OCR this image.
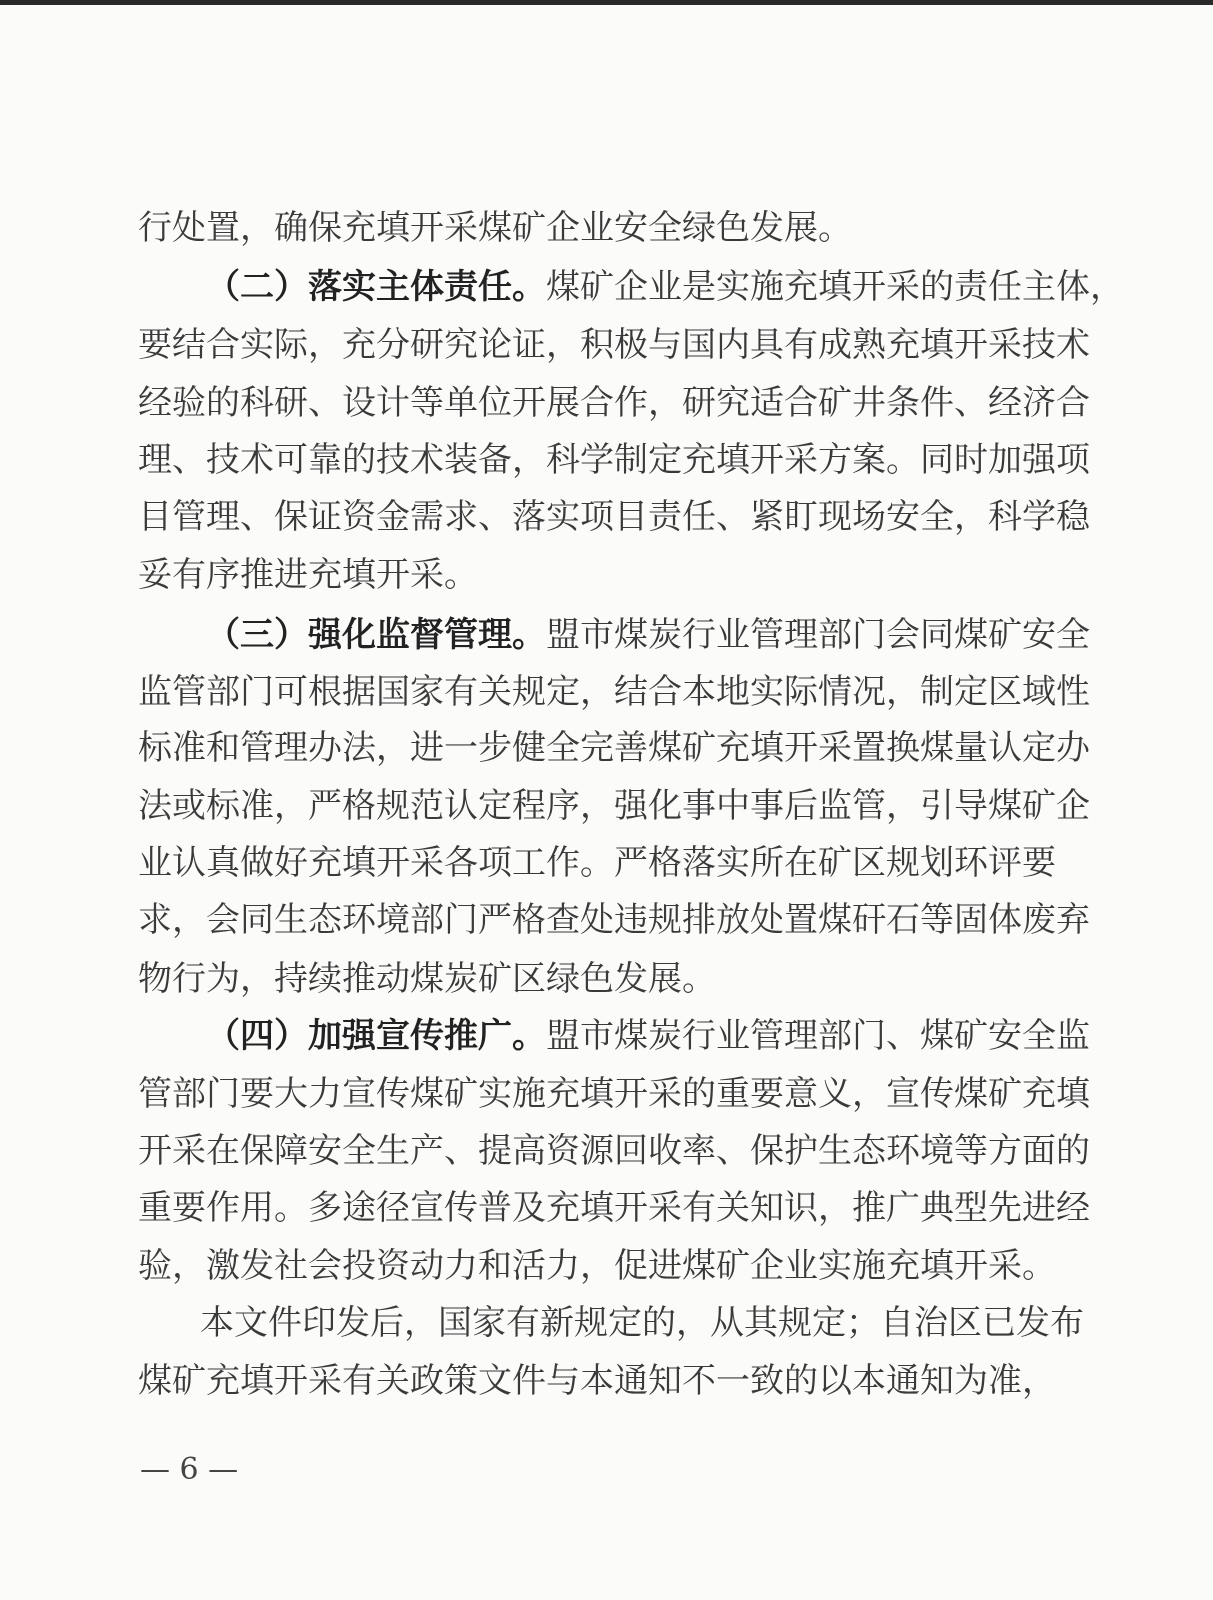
行处置，确保充填开采煤矿企业安全绿色发展。
（二）落实主体责任。煤矿企业是实施充填开采的责任主体，
要结合实际，充分研究论证，积极与国内具有成熟充填开采技术
经验的科研、设计等单位开展合作，研究适合矿井条件、经济合
理、技术可靠的技术装备，科学制定充填开采方案。同时加强项
目管理、保证资金需求、落实项目责任、紧盯现场安全，科学稳
妥有序推进充填开采。
（三）强化监督管理。盟市煤炭行业管理部门会同煤矿安全
监管部门可根据国家有关规定，结合本地实际情况，制定区域性
标准和管理办法，进一步健全完善煤矿充填开采置换煤量认定办
法或标准，严格规范认定程序，强化事中事后监管，引导煤矿企
业认真做好充填开采各项工作。严格落实所在矿区规划环评要
求，会同生态环境部门严格查处违规排放处置煤矸石等固体废弃
物行为，持续推动煤炭矿区绿色发展。
（四）加强宣传推广。盟市煤炭行业管理部门、煤矿安全监
管部门要大力宣传煤矿实施充填开采的重要意义，宣传煤矿充填
开采在保障安全生产、提高资源回收率、保护生态环境等方面的
重要作用。多途径宣传普及充填开采有关知识，推广典型先进经
验，激发社会投资动力和活力，促进煤矿企业实施充填开采。
本文件印发后，国家有新规定的，从其规定；自治区已发布
煤矿充填开采有关政策文件与本通知不一致的以本通知为准，
— 6 —
